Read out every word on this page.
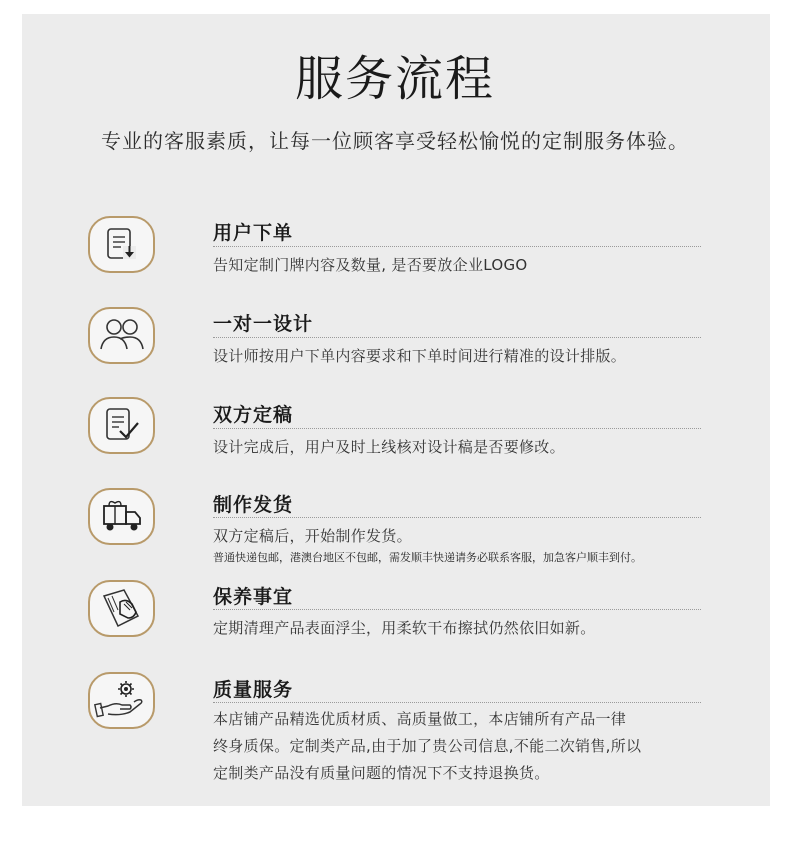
服务流程
专业的客服素质，让每一位顾客享受轻松愉悦的定制服务体验。
用户下单
告知定制门牌内容及数量, 是否要放企业LOGO
一对一设计
设计师按用户下单内容要求和下单时间进行精准的设计排版。
双方定稿
设计完成后，用户及时上线核对设计稿是否要修改。
制作发货
双方定稿后，开始制作发货。
普通快递包邮，港澳台地区不包邮，需发顺丰快递请务必联系客服，加急客户顺丰到付。
保养事宜
定期清理产品表面浮尘，用柔软干布擦拭仍然依旧如新。
质量服务
本店铺产品精选优质材质、高质量做工，本店铺所有产品一律
终身质保。定制类产品,由于加了贵公司信息,不能二次销售,所以
定制类产品没有质量问题的情况下不支持退换货。
